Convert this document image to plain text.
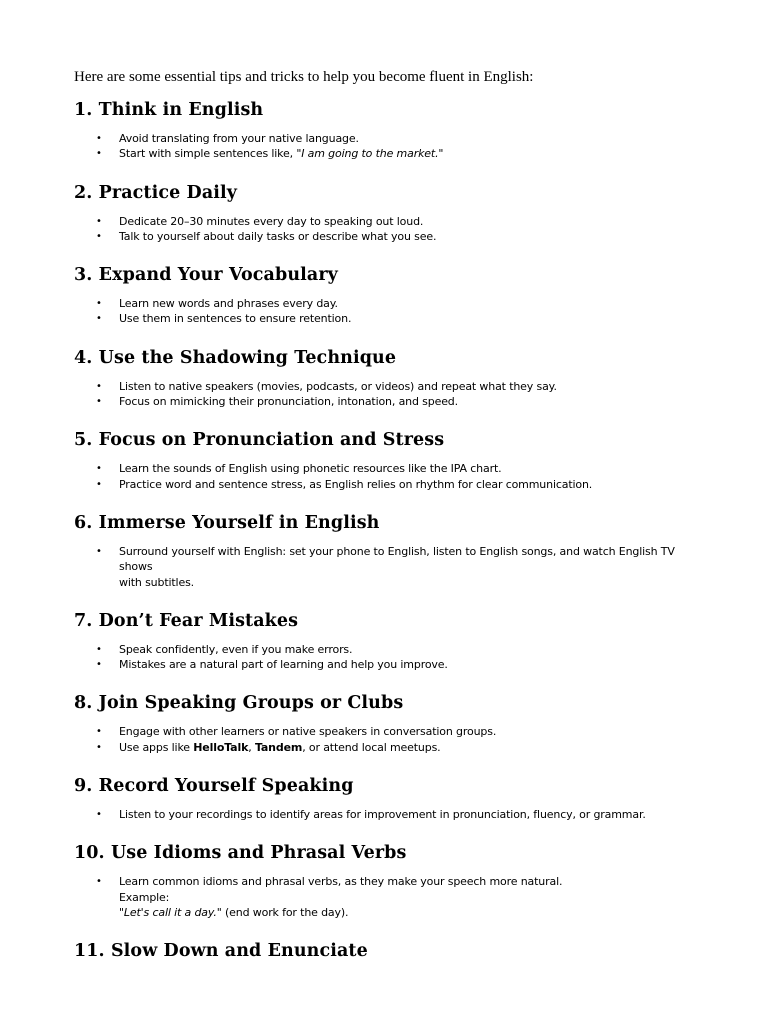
Here are some essential tips and tricks to help you become fluent in English:

1. Think in English
• Avoid translating from your native language.
• Start with simple sentences like, "I am going to the market."
2. Practice Daily
• Dedicate 20–30 minutes every day to speaking out loud.
• Talk to yourself about daily tasks or describe what you see.
3. Expand Your Vocabulary
• Learn new words and phrases every day.
• Use them in sentences to ensure retention.
4. Use the Shadowing Technique
• Listen to native speakers (movies, podcasts, or videos) and repeat what they say.
• Focus on mimicking their pronunciation, intonation, and speed.
5. Focus on Pronunciation and Stress
• Learn the sounds of English using phonetic resources like the IPA chart.
• Practice word and sentence stress, as English relies on rhythm for clear communication.
6. Immerse Yourself in English
• Surround yourself with English: set your phone to English, listen to English songs, and watch English TV shows
with subtitles.
7. Don’t Fear Mistakes
• Speak confidently, even if you make errors.
• Mistakes are a natural part of learning and help you improve.
8. Join Speaking Groups or Clubs
• Engage with other learners or native speakers in conversation groups.
• Use apps like HelloTalk, Tandem, or attend local meetups.
9. Record Yourself Speaking
• Listen to your recordings to identify areas for improvement in pronunciation, fluency, or grammar.
10. Use Idioms and Phrasal Verbs
• Learn common idioms and phrasal verbs, as they make your speech more natural.
Example:
"Let's call it a day." (end work for the day).
11. Slow Down and Enunciate
